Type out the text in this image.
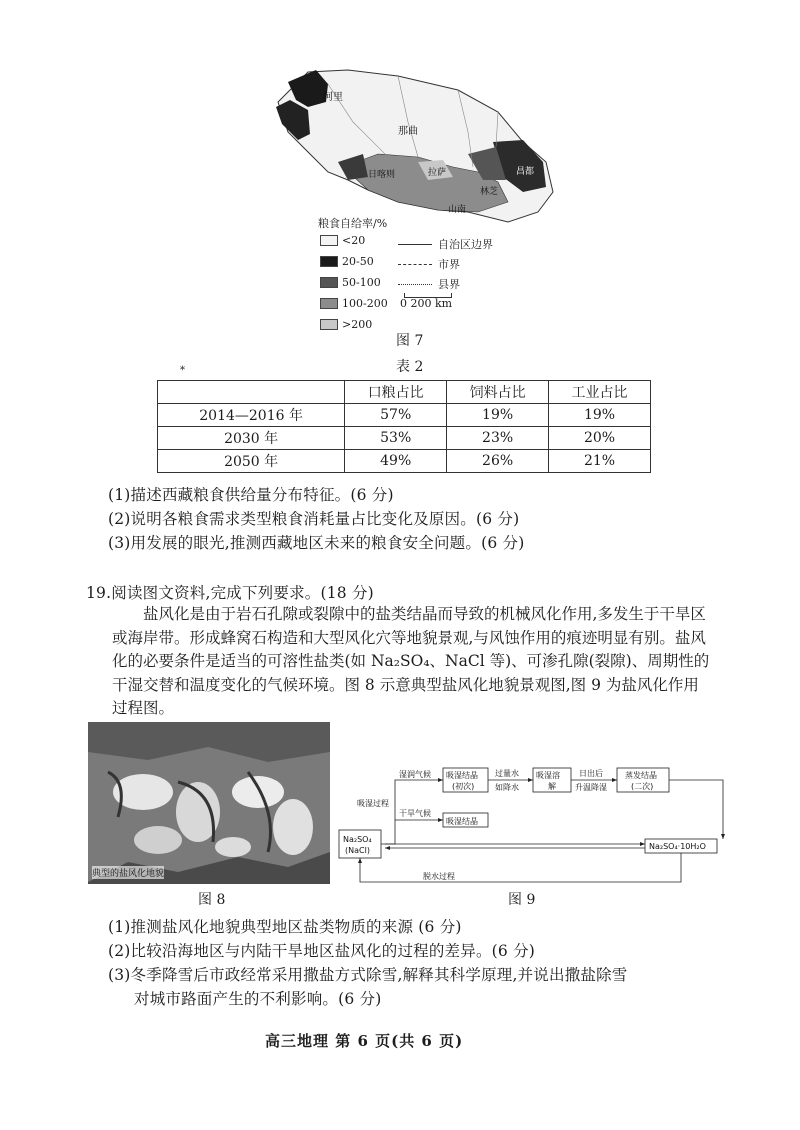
阿里
那曲
日喀则	拉萨
林芝
山南
昌都
粮食自给率/%
<20
20-50
50-100
100-200
>200
自治区边界
市界
县界
0 200 km
图 7
表 2
*
	口粮占比	饲料占比	工业占比
2014—2016 年	57%	19%	19%
2030 年	53%	23%	20%
2050 年	49%	26%	21%
(1)描述西藏粮食供给量分布特征。(6 分)
(2)说明各粮食需求类型粮食消耗量占比变化及原因。(6 分)
(3)用发展的眼光,推测西藏地区未来的粮食安全问题。(6 分)
19.阅读图文资料,完成下列要求。(18 分)
盐风化是由于岩石孔隙或裂隙中的盐类结晶而导致的机械风化作用,多发生于干旱区或海岸带。形成蜂窝石构造和大型风化穴等地貌景观,与风蚀作用的痕迹明显有别。盐风化的必要条件是适当的可溶性盐类(如 Na₂SO₄、NaCl 等)、可渗孔隙(裂隙)、周期性的干湿交替和温度变化的气候环境。图 8 示意典型盐风化地貌景观图,图 9 为盐风化作用过程图。
典型的盐风化地貌
图 8
湿润气候 吸湿结晶
(初次)
过量水
如降水
吸湿溶
解
日出后
升温降湿
蒸发结晶
(二次)
吸湿过程
干旱气候
吸湿结晶
Na₂SO₄
(NaCl)	Na₂SO₄·10H₂O
脱水过程
图 9
(1)推测盐风化地貌典型地区盐类物质的来源 (6 分)
(2)比较沿海地区与内陆干旱地区盐风化的过程的差异。(6 分)
(3)冬季降雪后市政经常采用撒盐方式除雪,解释其科学原理,并说出撒盐除雪
对城市路面产生的不利影响。(6 分)
高三地理 第 6 页(共 6 页)
